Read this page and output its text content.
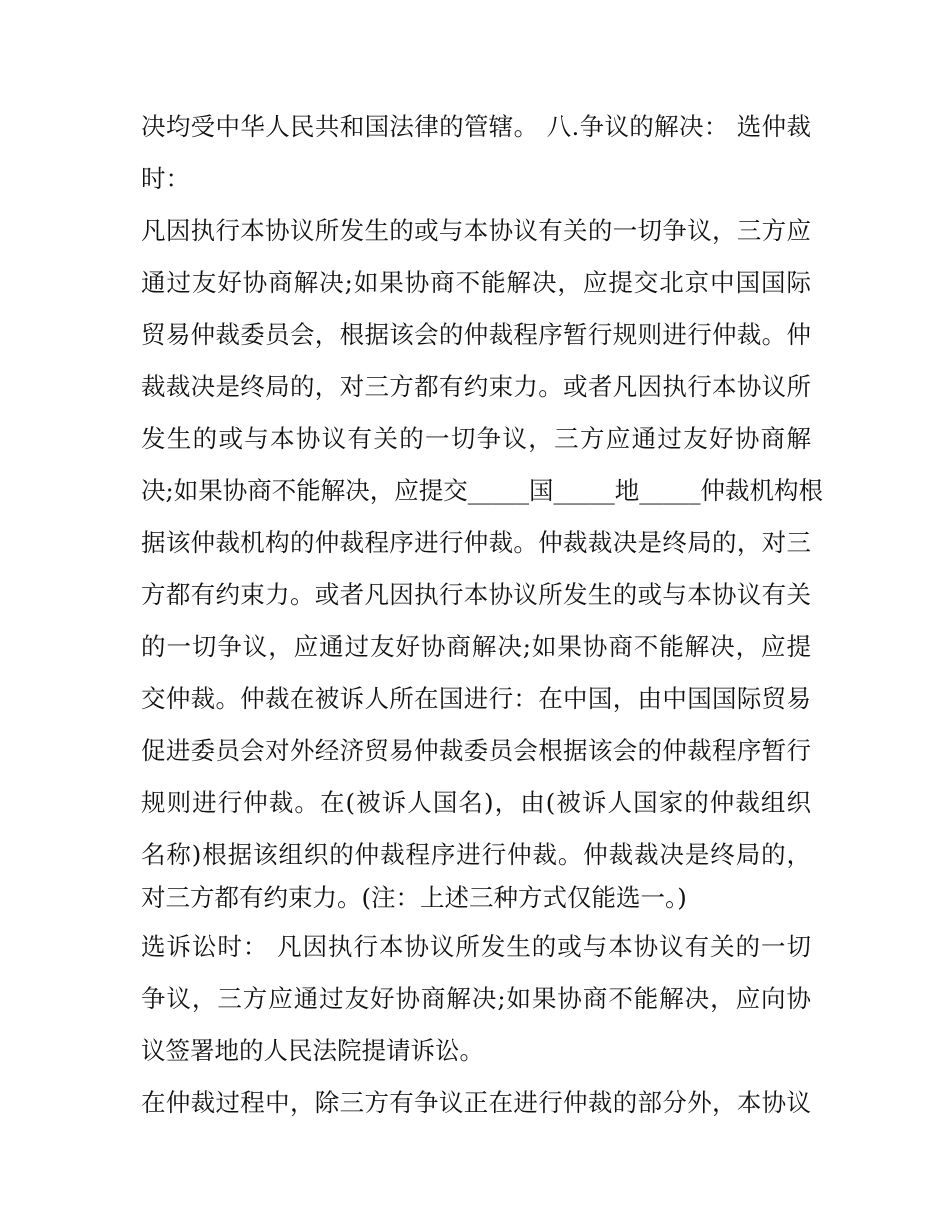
决均受中华人民共和国法律的管辖。 八.争议的解决： 选仲裁
时：
凡因执行本协议所发生的或与本协议有关的一切争议，三方应
通过友好协商解决;如果协商不能解决，应提交北京中国国际
贸易仲裁委员会，根据该会的仲裁程序暂行规则进行仲裁。仲
裁裁决是终局的，对三方都有约束力。或者凡因执行本协议所
发生的或与本协议有关的一切争议，三方应通过友好协商解
决;如果协商不能解决，应提交_____国_____地_____仲裁机构根
据该仲裁机构的仲裁程序进行仲裁。仲裁裁决是终局的，对三
方都有约束力。或者凡因执行本协议所发生的或与本协议有关
的一切争议，应通过友好协商解决;如果协商不能解决，应提
交仲裁。仲裁在被诉人所在国进行：在中国，由中国国际贸易
促进委员会对外经济贸易仲裁委员会根据该会的仲裁程序暂行
规则进行仲裁。在(被诉人国名)，由(被诉人国家的仲裁组织
名称)根据该组织的仲裁程序进行仲裁。仲裁裁决是终局的，
对三方都有约束力。(注：上述三种方式仅能选一。)
选诉讼时： 凡因执行本协议所发生的或与本协议有关的一切
争议，三方应通过友好协商解决;如果协商不能解决，应向协
议签署地的人民法院提请诉讼。
在仲裁过程中，除三方有争议正在进行仲裁的部分外，本协议
